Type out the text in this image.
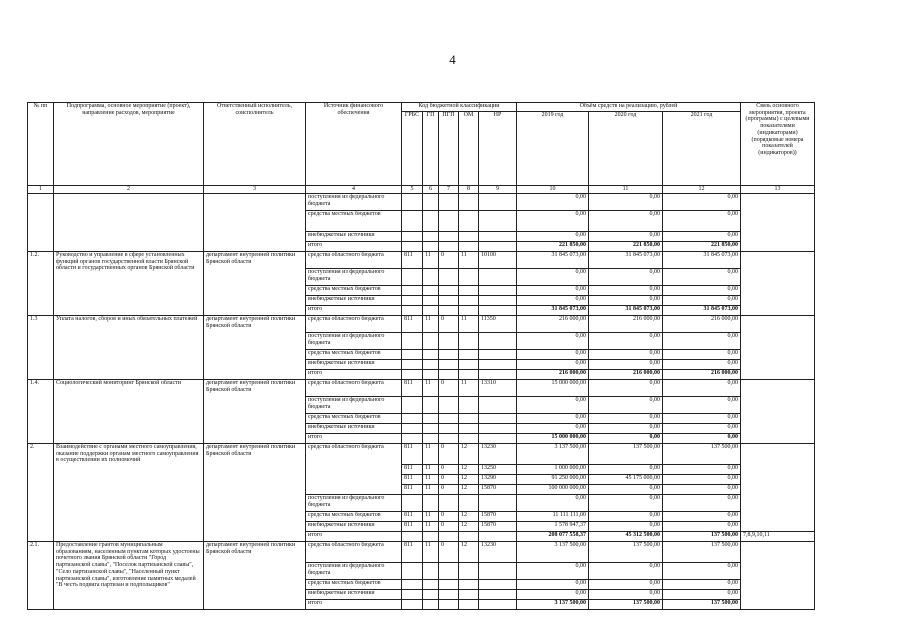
4
№ пп	Подпрограмма, основное мероприятие (проект), направление расходов, мероприятие	Ответственный исполнитель, соисполнитель	Источник финансового обеспечения	Код бюджетной классификации					Объём средств на реализацию, рублей			Связь основного мероприятия, проекта (программы) с целевыми показателями (индикаторами) (порядковые номера показателей (индикаторов))
				ГРБС	ГП	ПГП	ОМ	НР	2019 год	2020 год	2021 год	
1	2	3	4	5	6	7	8	9	10	11	12	13
			поступления из федерального бюджета						0,00	0,00	0,00	
			средства местных бюджетов						0,00	0,00	0,00	
			внебюджетные источники						0,00	0,00	0,00	
			итого						221 850,00	221 850,00	221 850,00	
1.2.	Руководство и управление в сфере установленных функций органов государственной власти Брянской области и государственных органов Брянской области	департамент внутренней политики Брянской области	средства областного бюджета	811	11	0	11	10100	31 845 073,00	31 845 073,00	31 845 073,00	
			поступления из федерального бюджета						0,00	0,00	0,00	
			средства местных бюджетов						0,00	0,00	0,00	
			внебюджетные источники						0,00	0,00	0,00	
			итого						31 845 073,00	31 845 073,00	31 845 073,00	
1.3	Уплата налогов, сборов и иных обязательных платежей	департамент внутренней политики Брянской области	средства областного бюджета	811	11	0	11	11350	216 000,00	216 000,00	216 000,00	
			поступления из федерального бюджета						0,00	0,00	0,00	
			средства местных бюджетов						0,00	0,00	0,00	
			внебюджетные источники						0,00	0,00	0,00	
			итого						216 000,00	216 000,00	216 000,00	
1.4.	Социологический мониторинг Брянской области	департамент внутренней политики Брянской области	средства областного бюджета	811	11	0	11	13310	15 000 000,00	0,00	0,00	
			поступления из федерального бюджета						0,00	0,00	0,00	
			средства местных бюджетов						0,00	0,00	0,00	
			внебюджетные источники						0,00	0,00	0,00	
			итого						15 000 000,00	0,00	0,00	
2.	Взаимодействие с органами местного самоуправления, оказание поддержки органам местного самоуправления в осуществлении их полномочий	департамент внутренней политики Брянской области	средства областного бюджета	811	11	0	12	13230	3 137 500,00	137 500,00	137 500,00	
				811	11	0	12	13250	1 000 000,00	0,00	0,00	
				811	11	0	12	13290	91 250 000,00	45 175 000,00	0,00	
				811	11	0	12	15870	100 000 000,00	0,00	0,00	
			поступления из федерального бюджета						0,00	0,00	0,00	
			средства местных бюджетов	811	11	0	12	15870	11 111 111,00	0,00	0,00	
			внебюджетные источники	811	11	0	12	15870	1 578 947,37	0,00	0,00	
			итого						208 077 558,37	45 312 500,00	137 500,00	7,8,9,10,11
2.1.	Предоставление грантов муниципальным образованиям, населенным пунктам которых удостоены почетного звания Брянской области "Город партизанской славы", "Поселок партизанской славы", "Село партизанской славы", "Населенный пункт партизанской славы", изготовление памятных медалей "В честь подвига партизан и подпольщиков"	департамент внутренней политики Брянской области	средства областного бюджета	811	11	0	12	13230	3 137 500,00	137 500,00	137 500,00	
			поступления из федерального бюджета						0,00	0,00	0,00	
			средства местных бюджетов						0,00	0,00	0,00	
			внебюджетные источники						0,00	0,00	0,00	
			итого						3 137 500,00	137 500,00	137 500,00	
